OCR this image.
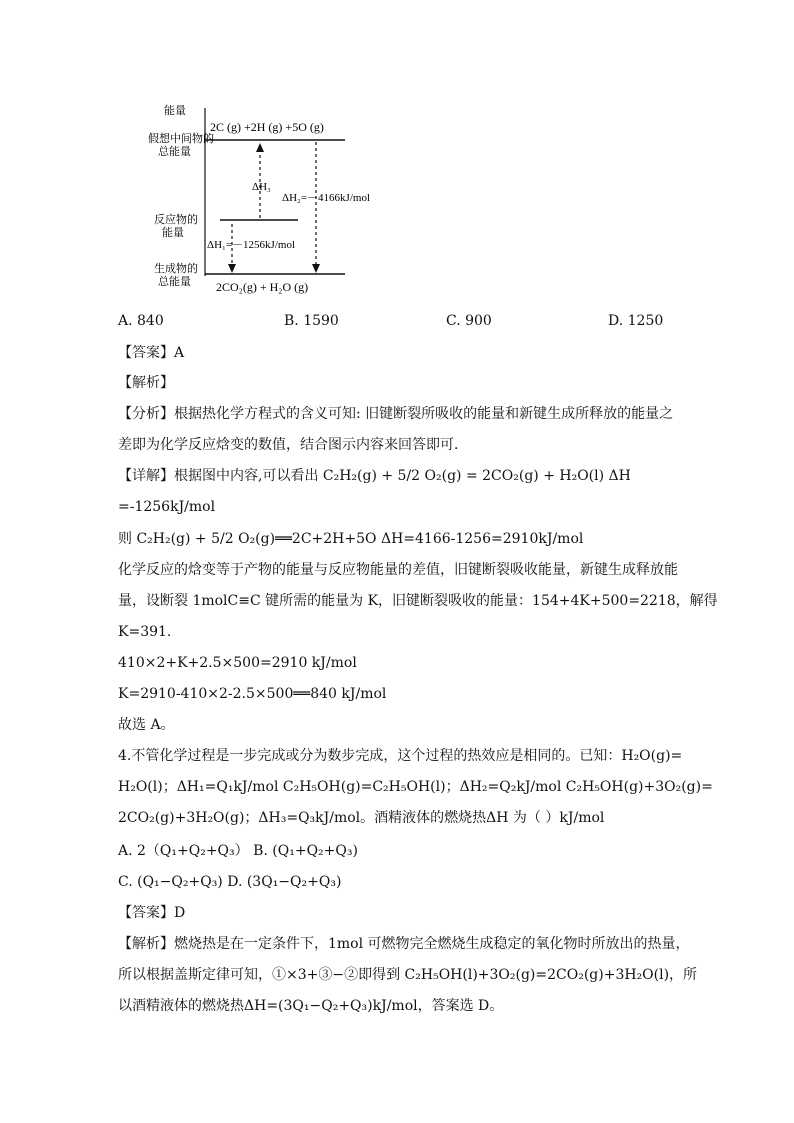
能量
假想中间物的
总能量
反应物的
能量
生成物的
总能量
2C (g) +2H (g) +5O (g)
2CO₂(g) + H₂O (g)
ΔH₃
ΔH₂=－4166kJ/mol
ΔH₁=－1256kJ/mol
A. 840	B. 1590	C. 900	D. 1250
【答案】A
【解析】
【分析】根据热化学方程式的含义可知: 旧键断裂所吸收的能量和新键生成所释放的能量之
差即为化学反应焓变的数值，结合图示内容来回答即可．
【详解】根据图中内容,可以看出 C₂H₂(g) + 5/2 O₂(g) = 2CO₂(g) + H₂O(l) ΔH
=-1256kJ/mol
则 C₂H₂(g) + 5/2 O₂(g)══2C+2H+5O ΔH=4166-1256=2910kJ/mol
化学反应的焓变等于产物的能量与反应物能量的差值，旧键断裂吸收能量，新键生成释放能
量，设断裂 1molC≡C 键所需的能量为 K，旧键断裂吸收的能量：154+4K+500=2218，解得
K=391.
410×2+K+2.5×500=2910 kJ/mol
K=2910-410×2-2.5×500══840 kJ/mol
故选 A。
4.不管化学过程是一步完成或分为数步完成，这个过程的热效应是相同的。已知：H₂O(g)=
H₂O(l)；ΔH₁=Q₁kJ/mol C₂H₅OH(g)=C₂H₅OH(l)；ΔH₂=Q₂kJ/mol C₂H₅OH(g)+3O₂(g)=
2CO₂(g)+3H₂O(g)；ΔH₃=Q₃kJ/mol。酒精液体的燃烧热ΔH 为（ ）kJ/mol
A. 2（Q₁+Q₂+Q₃） B. (Q₁+Q₂+Q₃)
C. (Q₁−Q₂+Q₃) D. (3Q₁−Q₂+Q₃)
【答案】D
【解析】燃烧热是在一定条件下，1mol 可燃物完全燃烧生成稳定的氧化物时所放出的热量，
所以根据盖斯定律可知，①×3+③−②即得到 C₂H₅OH(l)+3O₂(g)=2CO₂(g)+3H₂O(l)，所
以酒精液体的燃烧热ΔH=(3Q₁−Q₂+Q₃)kJ/mol，答案选 D。
